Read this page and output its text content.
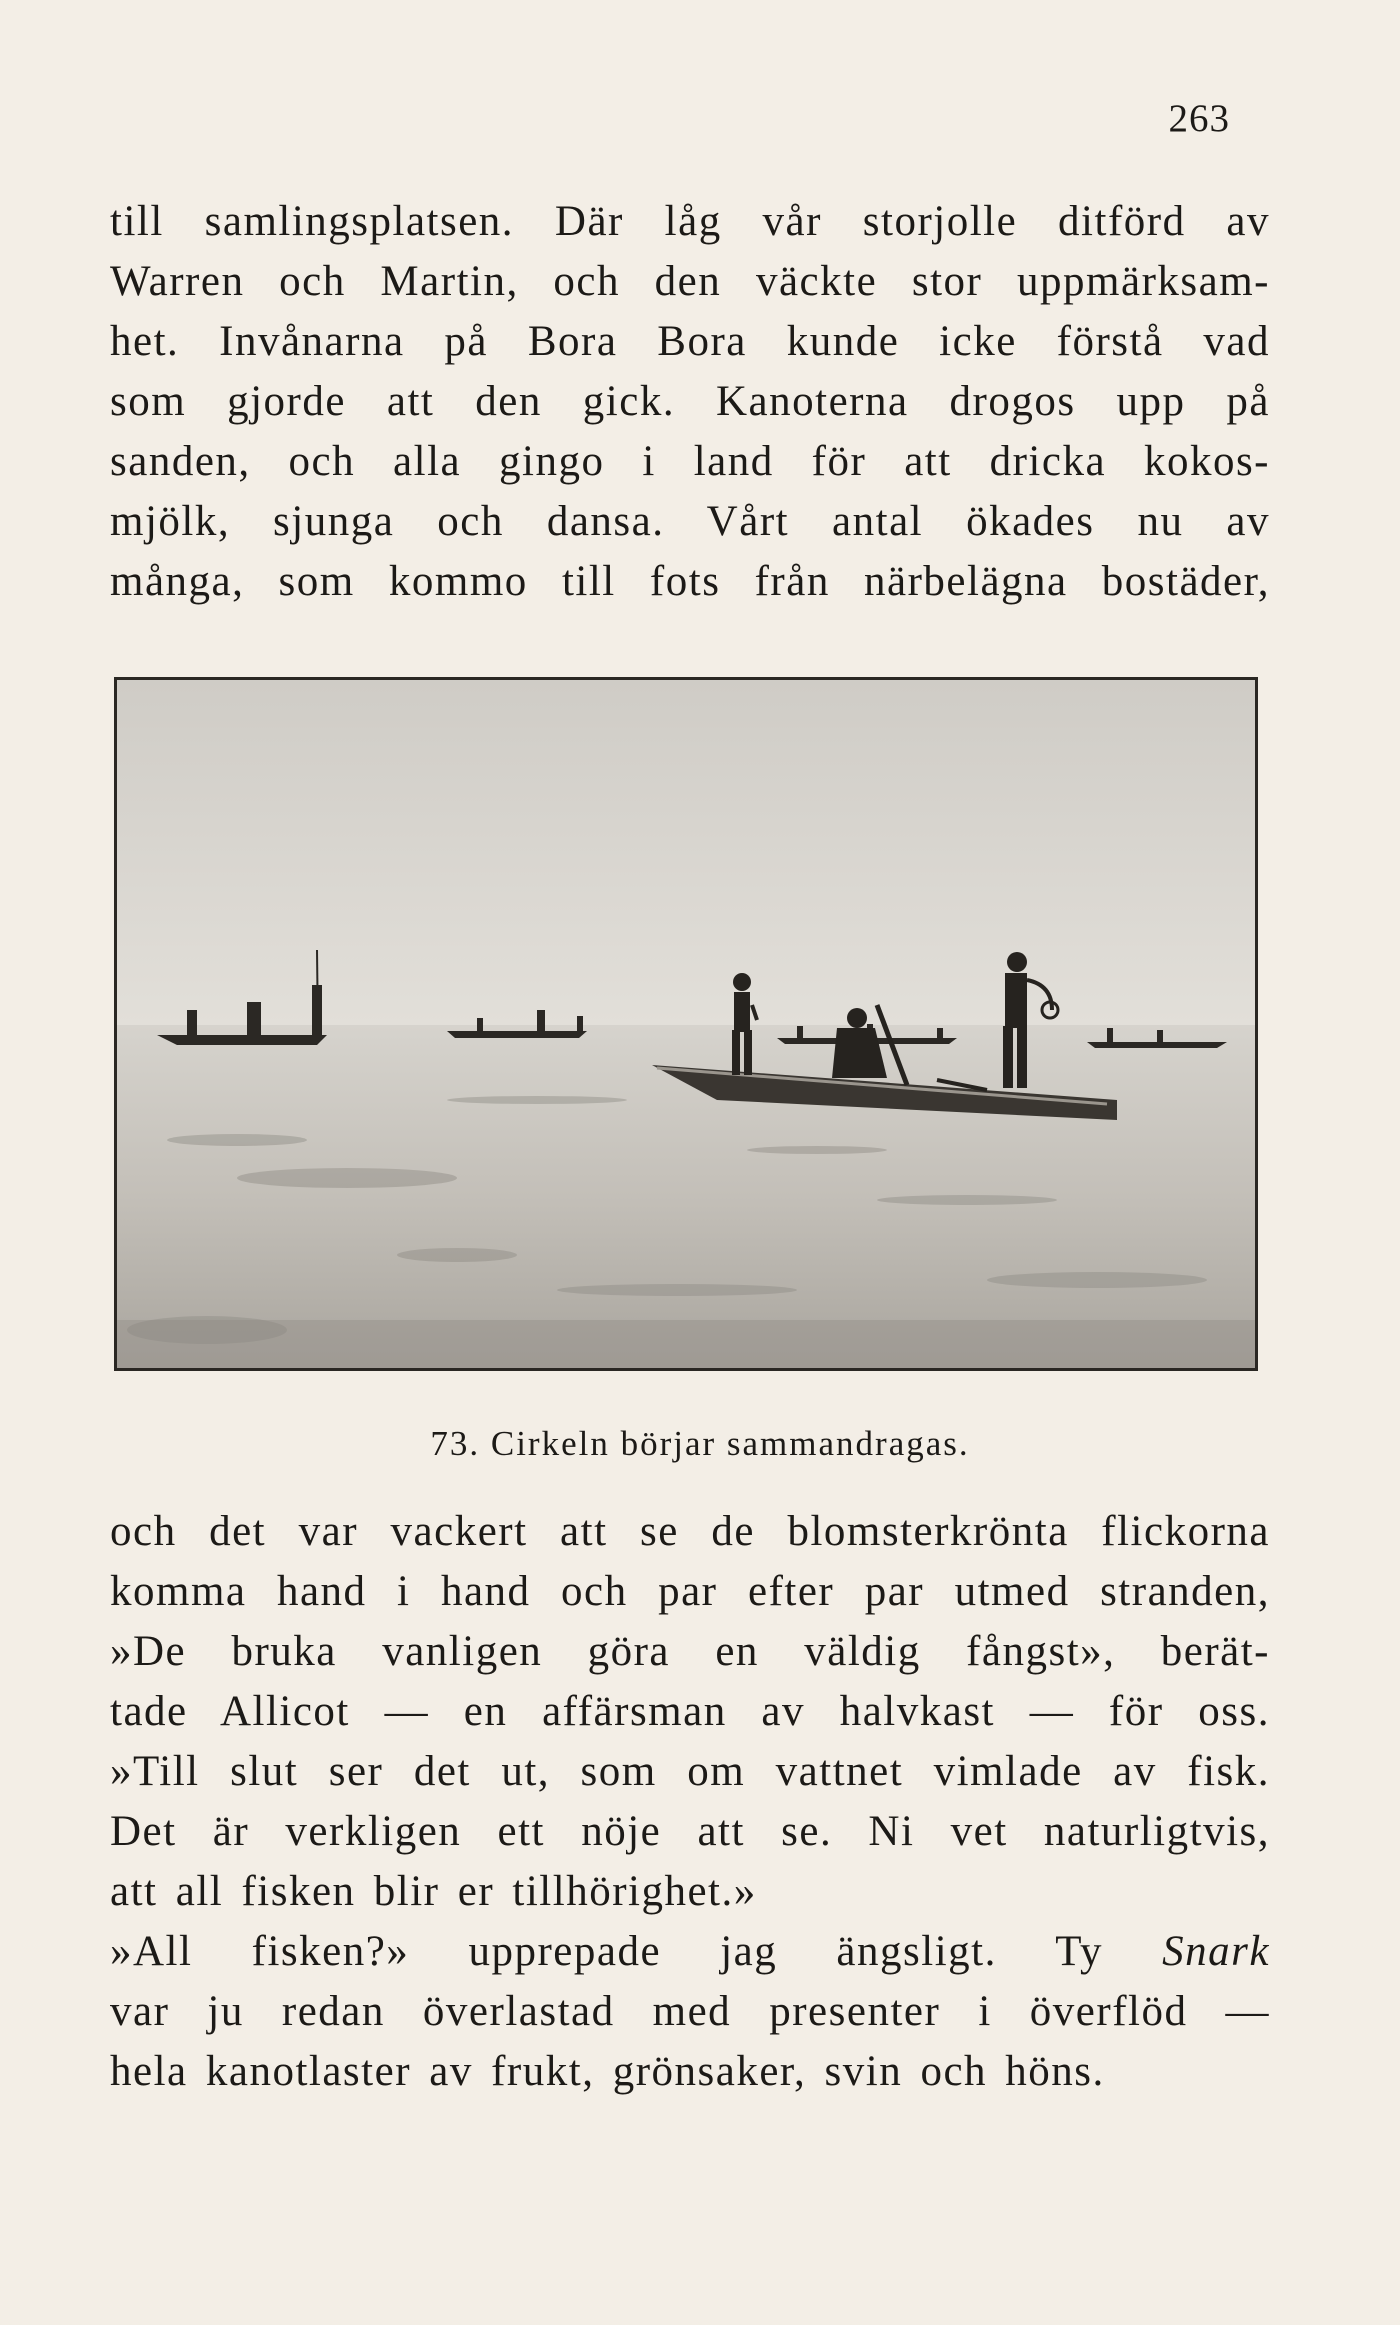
263
till samlingsplatsen. Där låg vår storjolle ditförd av
Warren och Martin, och den väckte stor uppmärksam-
het. Invånarna på Bora Bora kunde icke förstå vad
som gjorde att den gick. Kanoterna drogos upp på
sanden, och alla gingo i land för att dricka kokos-
mjölk, sjunga och dansa. Vårt antal ökades nu av
många, som kommo till fots från närbelägna bostäder,
73. Cirkeln börjar sammandragas.
och det var vackert att se de blomsterkrönta flickorna
komma hand i hand och par efter par utmed stranden,
»De bruka vanligen göra en väldig fångst», berät-
tade Allicot — en affärsman av halvkast — för oss.
»Till slut ser det ut, som om vattnet vimlade av fisk.
Det är verkligen ett nöje att se. Ni vet naturligtvis,
att all fisken blir er tillhörighet.»
»All fisken?» upprepade jag ängsligt. Ty Snark
var ju redan överlastad med presenter i överflöd —
hela kanotlaster av frukt, grönsaker, svin och höns.
